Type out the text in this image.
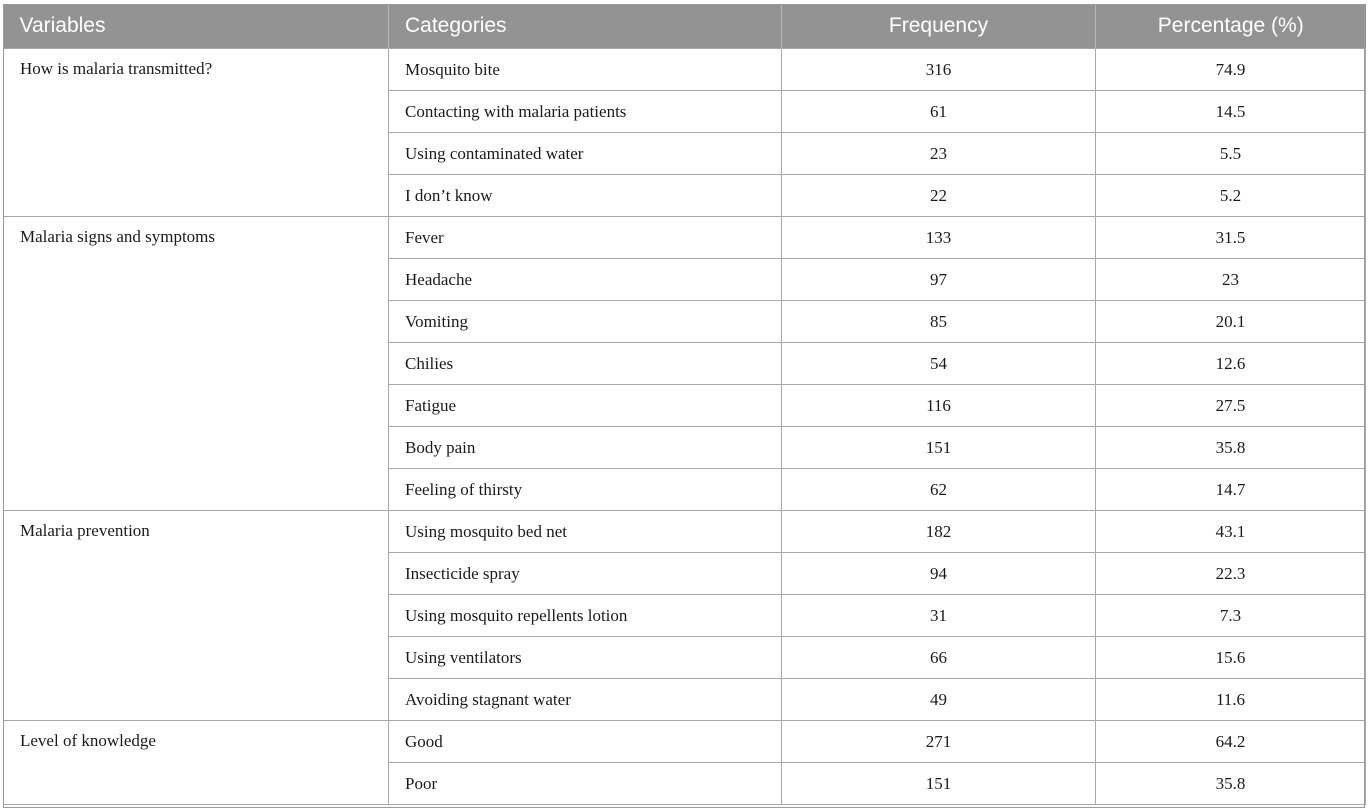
Variables	Categories	Frequency	Percentage (%)
How is malaria transmitted?	Mosquito bite	316	74.9
	Contacting with malaria patients	61	14.5
	Using contaminated water	23	5.5
	I don’t know	22	5.2
Malaria signs and symptoms	Fever	133	31.5
	Headache	97	23
	Vomiting	85	20.1
	Chilies	54	12.6
	Fatigue	116	27.5
	Body pain	151	35.8
	Feeling of thirsty	62	14.7
Malaria prevention	Using mosquito bed net	182	43.1
	Insecticide spray	94	22.3
	Using mosquito repellents lotion	31	7.3
	Using ventilators	66	15.6
	Avoiding stagnant water	49	11.6
Level of knowledge	Good	271	64.2
	Poor	151	35.8
